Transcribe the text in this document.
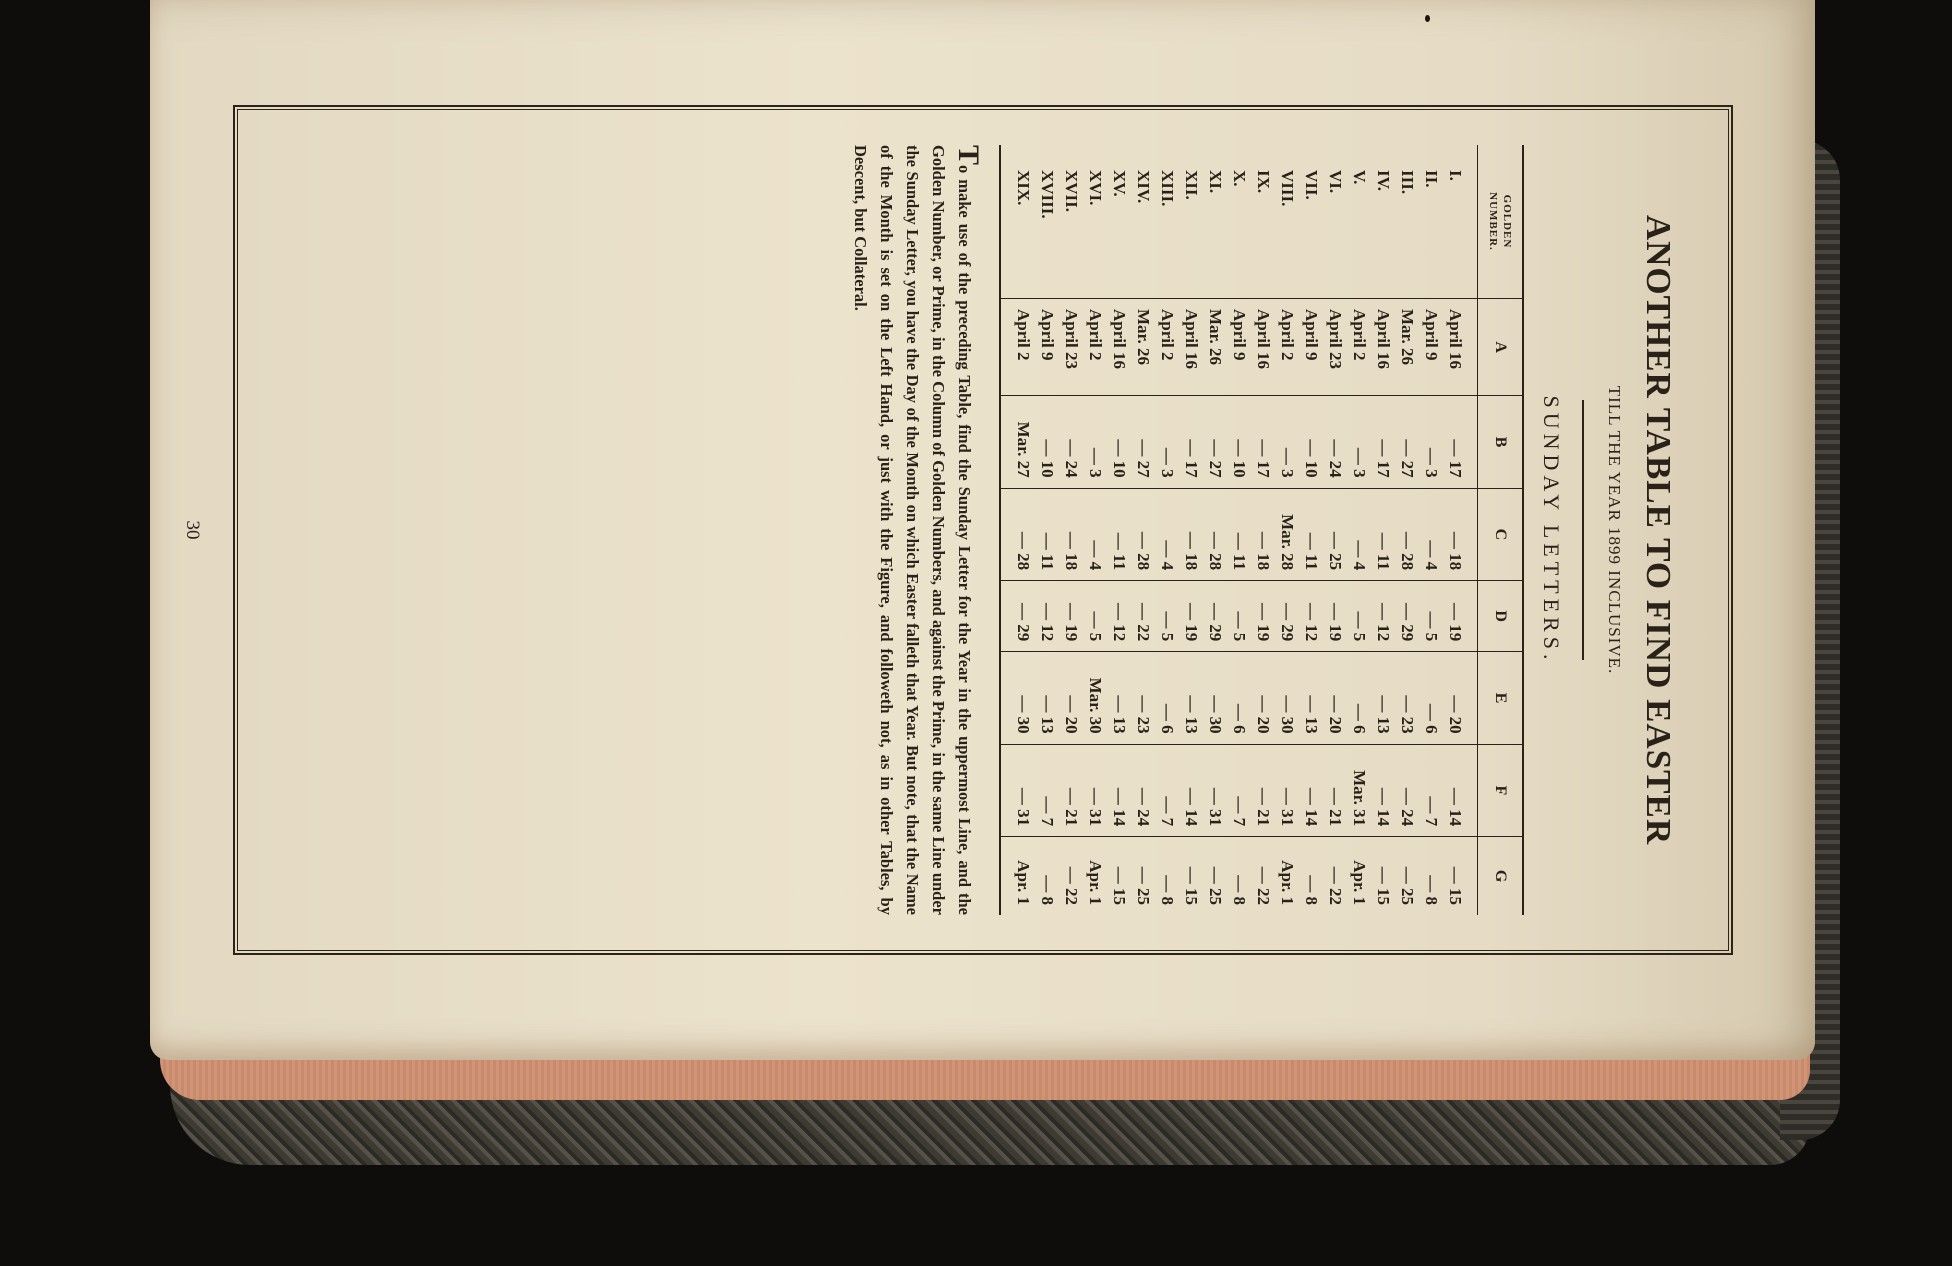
ANOTHER TABLE TO FIND EASTER
TILL THE YEAR 1899 INCLUSIVE.
SUNDAY LETTERS.
GOLDEN
NUMBER.	A	B	C	D	E	F	G
I.	April 16	— 17	— 18	— 19	— 20	— 14	— 15
II.	April 9	— 3	— 4	— 5	— 6	— 7	— 8
III.	Mar. 26	— 27	— 28	— 29	— 23	— 24	— 25
IV.	April 16	— 17	— 11	— 12	— 13	— 14	— 15
V.	April 2	— 3	— 4	— 5	— 6	Mar. 31	Apr. 1
VI.	April 23	— 24	— 25	— 19	— 20	— 21	— 22
VII.	April 9	— 10	— 11	— 12	— 13	— 14	— 8
VIII.	April 2	— 3	Mar. 28	— 29	— 30	— 31	Apr. 1
IX.	April 16	— 17	— 18	— 19	— 20	— 21	— 22
X.	April 9	— 10	— 11	— 5	— 6	— 7	— 8
XI.	Mar. 26	— 27	— 28	— 29	— 30	— 31	— 25
XII.	April 16	— 17	— 18	— 19	— 13	— 14	— 15
XIII.	April 2	— 3	— 4	— 5	— 6	— 7	— 8
XIV.	Mar. 26	— 27	— 28	— 22	— 23	— 24	— 25
XV.	April 16	— 10	— 11	— 12	— 13	— 14	— 15
XVI.	April 2	— 3	— 4	— 5	Mar. 30	— 31	Apr. 1
XVII.	April 23	— 24	— 18	— 19	— 20	— 21	— 22
XVIII.	April 9	— 10	— 11	— 12	— 13	— 7	— 8
XIX.	April 2	Mar. 27	— 28	— 29	— 30	— 31	Apr. 1
To make use of the preceding Table, find the Sunday Letter for the Year in the uppermost Line, and the Golden Number, or Prime, in the Column of Golden Numbers, and against the Prime, in the same Line under the Sunday Letter, you have the Day of the Month on which Easter falleth that Year. But note, that the Name of the Month is set on the Left Hand, or just with the Figure, and followeth not, as in other Tables, by Descent, but Collateral.
30
